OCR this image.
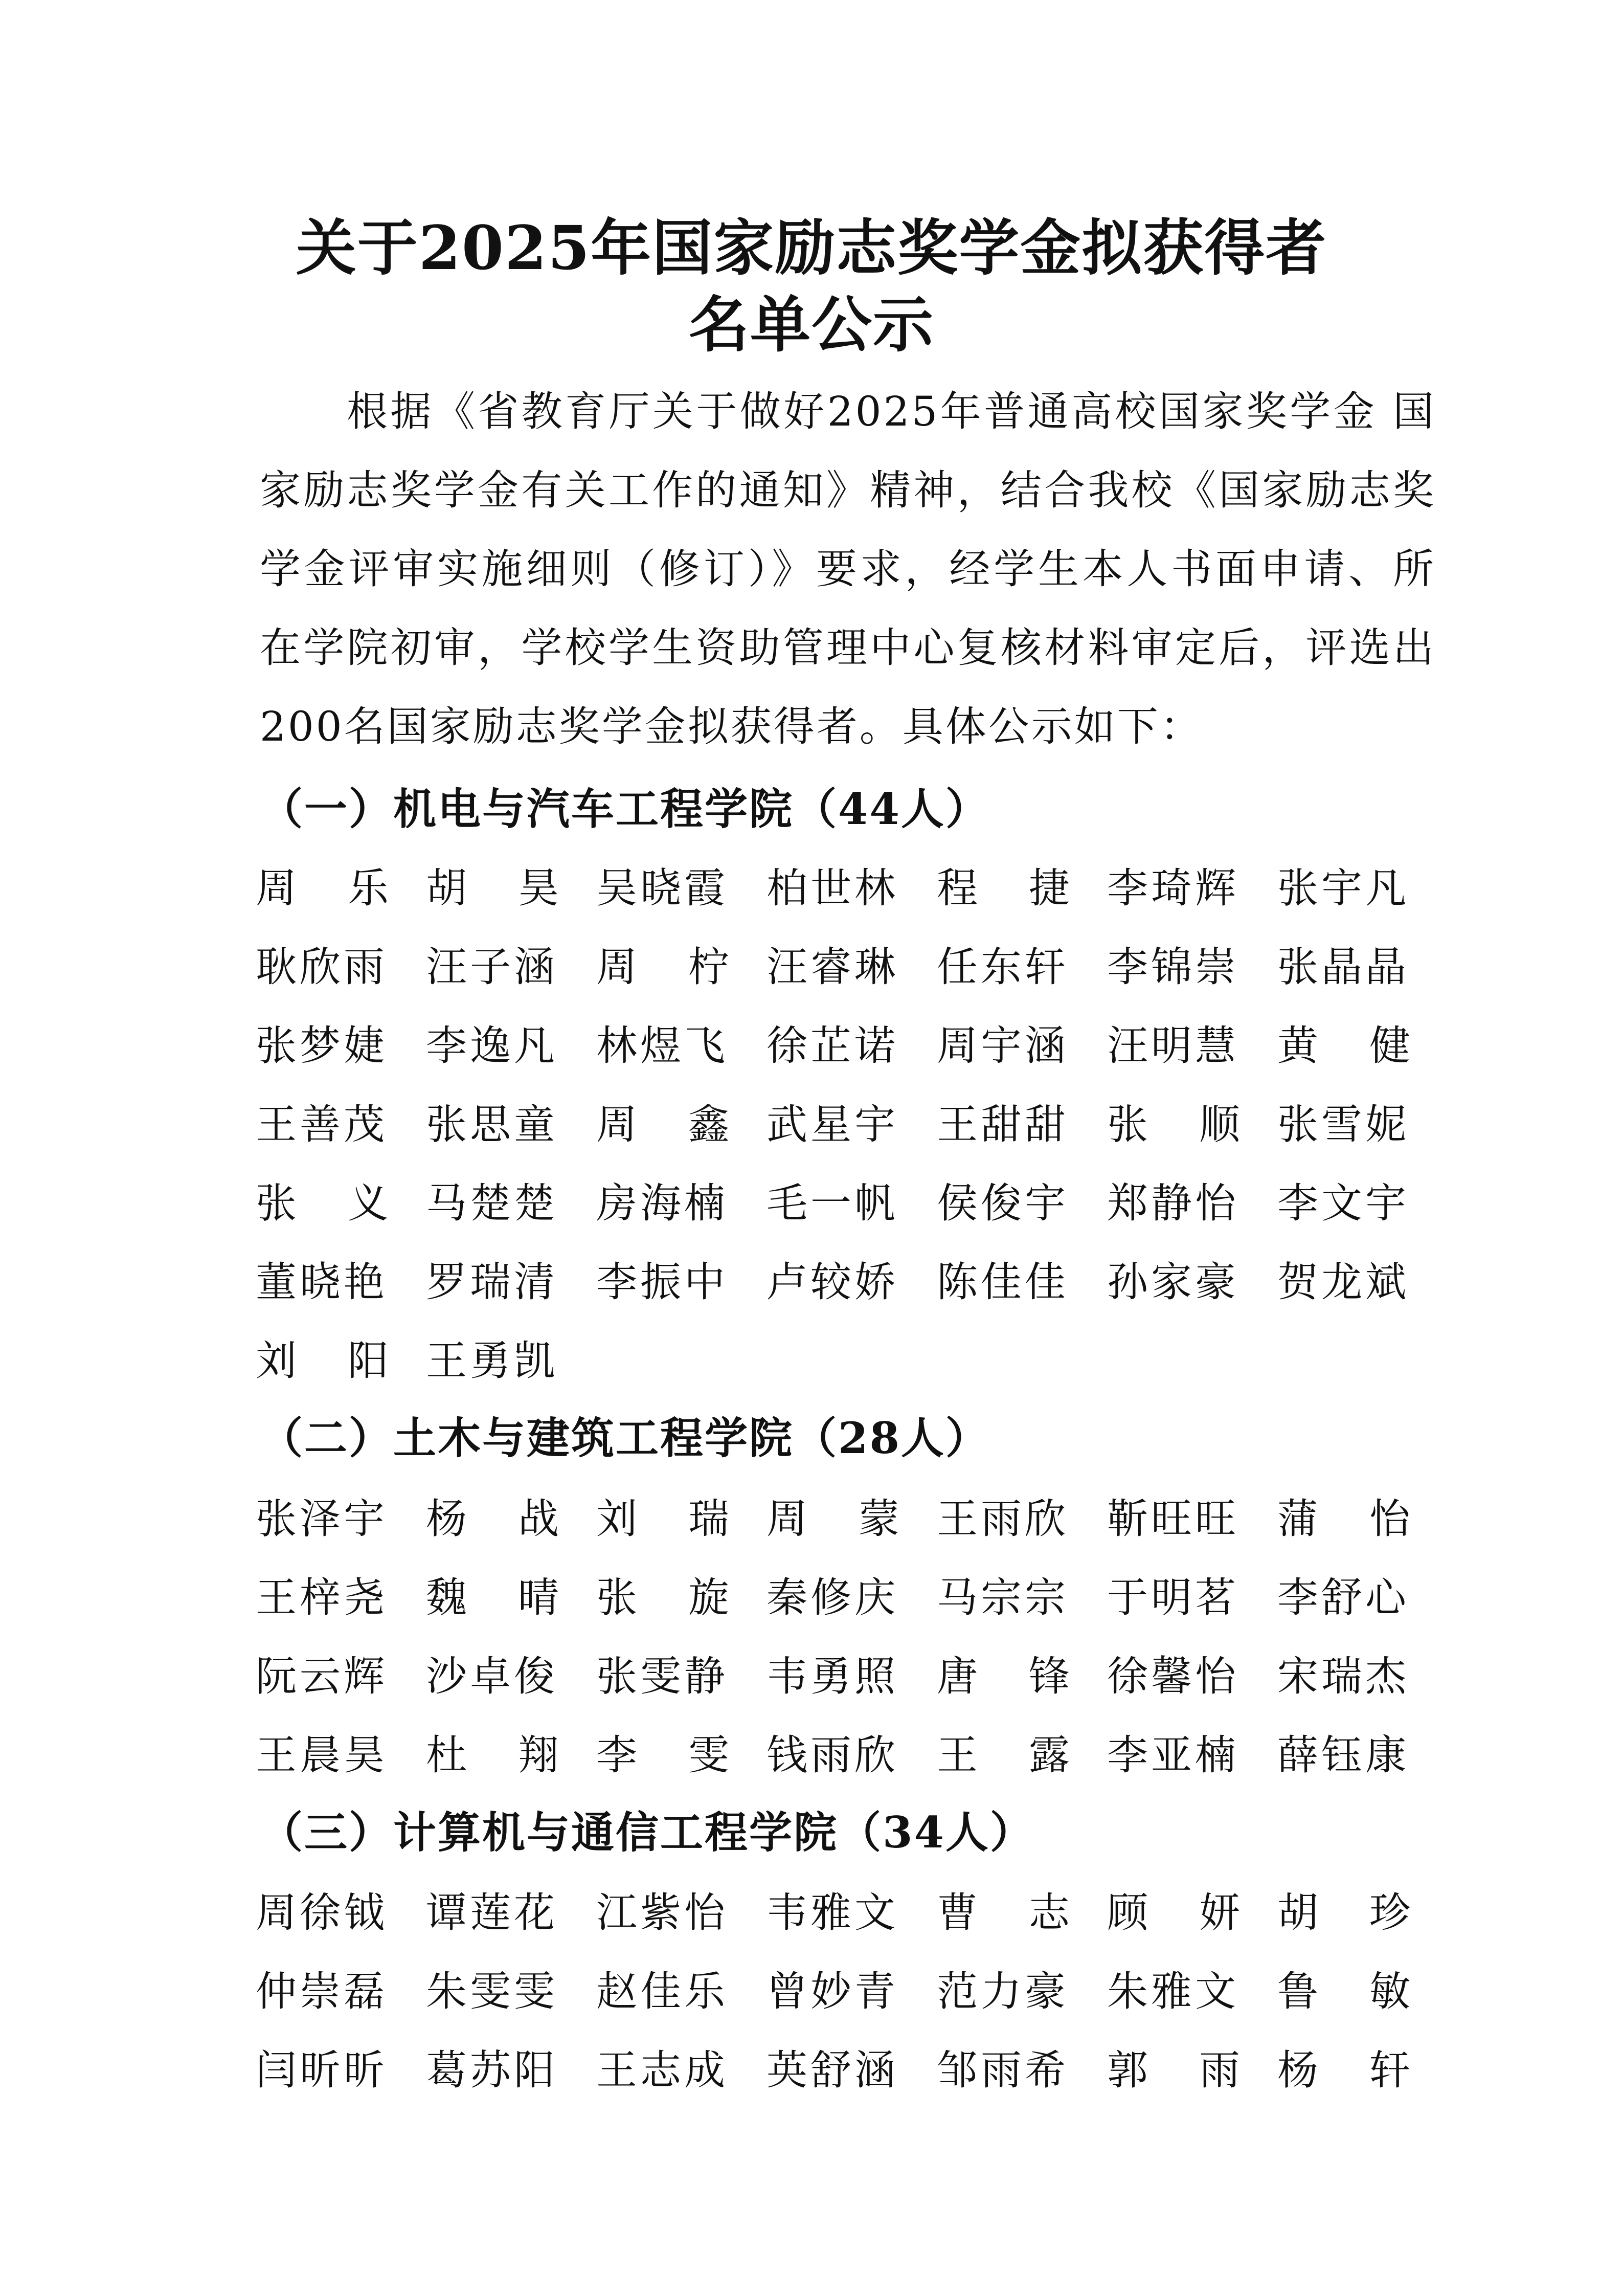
关于2025年国家励志奖学金拟获得者
名单公示

根据《省教育厅关于做好2025年普通高校国家奖学金 国家励志奖学金有关工作的通知》精神，结合我校《国家励志奖学金评审实施细则（修订）》要求，经学生本人书面申请、所在学院初审，学校学生资助管理中心复核材料审定后，评选出200名国家励志奖学金拟获得者。具体公示如下：

（一）机电与汽车工程学院（44人）
周 乐 胡 昊 吴晓霞 柏世林 程 捷 李琦辉 张宇凡
耿欣雨 汪子涵 周 柠 汪睿琳 任东轩 李锦崇 张晶晶
张梦婕 李逸凡 林煜飞 徐芷诺 周宇涵 汪明慧 黄 健
王善茂 张思童 周 鑫 武星宇 王甜甜 张 顺 张雪妮
张 义 马楚楚 房海楠 毛一帆 侯俊宇 郑静怡 李文宇
董晓艳 罗瑞清 李振中 卢较娇 陈佳佳 孙家豪 贺龙斌
刘 阳 王勇凯
（二）土木与建筑工程学院（28人）
张泽宇 杨 战 刘 瑞 周 蒙 王雨欣 靳旺旺 蒲 怡
王梓尧 魏 晴 张 旋 秦修庆 马宗宗 于明茗 李舒心
阮云辉 沙卓俊 张雯静 韦勇照 唐 锋 徐馨怡 宋瑞杰
王晨昊 杜 翔 李 雯 钱雨欣 王 露 李亚楠 薛钰康
（三）计算机与通信工程学院（34人）
周徐钺 谭莲花 江紫怡 韦雅文 曹 志 顾 妍 胡 珍
仲崇磊 朱雯雯 赵佳乐 曾妙青 范力豪 朱雅文 鲁 敏
闫昕昕 葛苏阳 王志成 英舒涵 邹雨希 郭 雨 杨 轩
